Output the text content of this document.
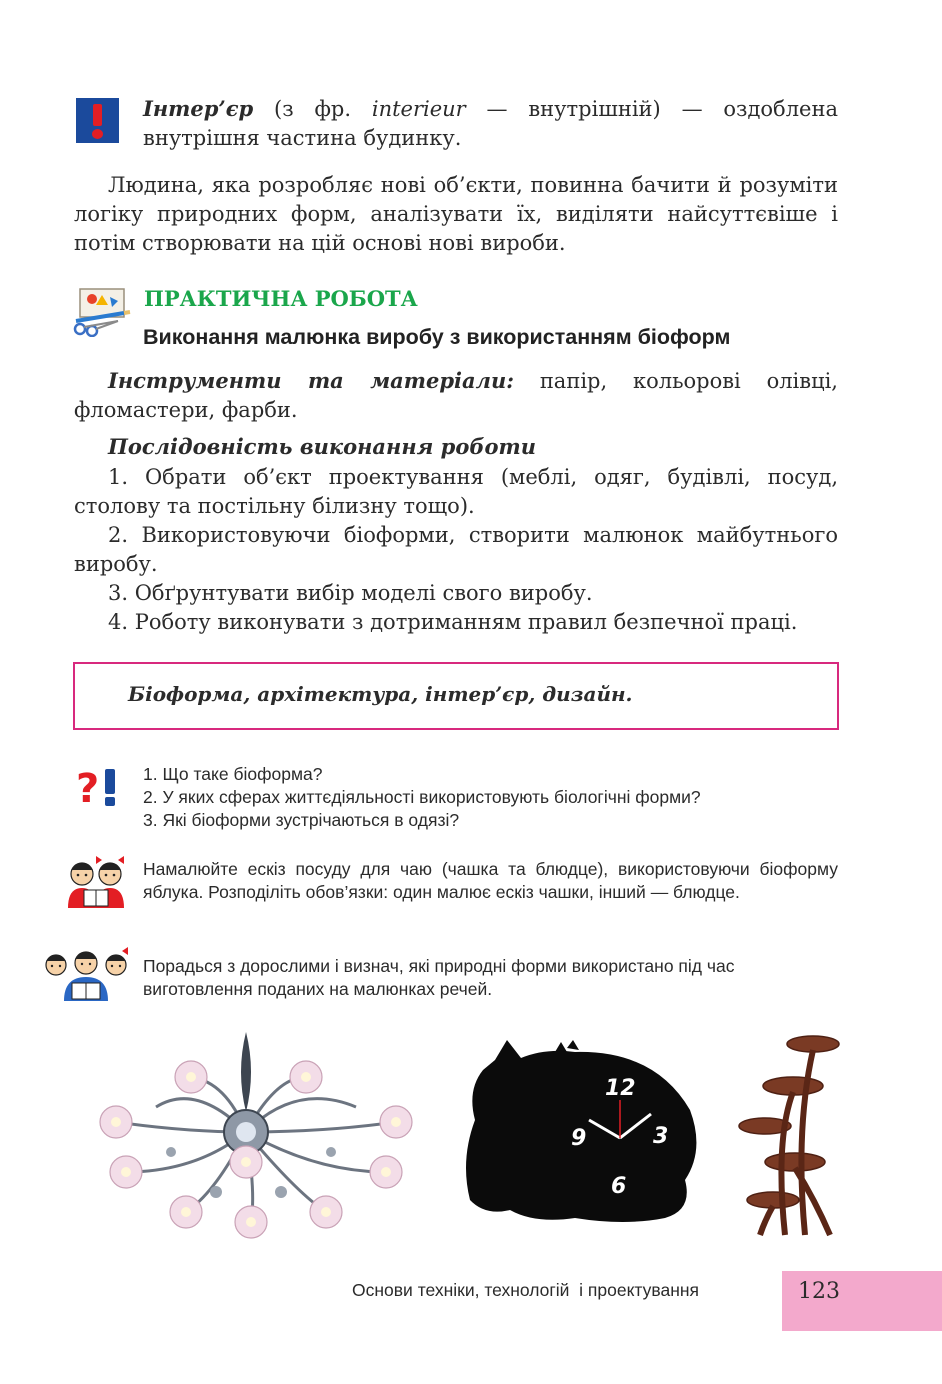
Інтер’єр (з фр. interieur — внутрішній) — оздоблена внутрішня частина будинку.
Людина, яка розробляє нові об’єкти, повинна бачити й розуміти логіку природних форм, аналізувати їх, виділяти найсуттєвіше і потім створювати на цій основі нові вироби.
ПРАКТИЧНА РОБОТА
Виконання малюнка виробу з використанням біоформ
Інструменти та матеріали: папір, кольорові олівці, фломастери, фарби.
Послідовність виконання роботи
1. Обрати об’єкт проектування (меблі, одяг, будівлі, посуд, столову та постільну білизну тощо).
2. Використовуючи біоформи, створити малюнок майбутнього виробу.
3. Обґрунтувати вибір моделі свого виробу.
4. Роботу виконувати з дотриманням правил безпечної праці.
Біоформа, архітектура, інтер’єр, дизайн.
?	1. Що таке біоформа?
2. У яких сферах життєдіяльності використовують біологічні форми?
3. Які біоформи зустрічаються в одязі?
Намалюйте ескіз посуду для чаю (чашка та блюдце), використовуючи біоформу яблука. Розподіліть обов’язки: один малює ескіз чашки, інший — блюдце.
Порадься з дорослими і визнач, які природні форми використано під час виготовлення поданих на малюнках речей.
12
3
6
9
Основи техніки, технологій  і проектування	123
